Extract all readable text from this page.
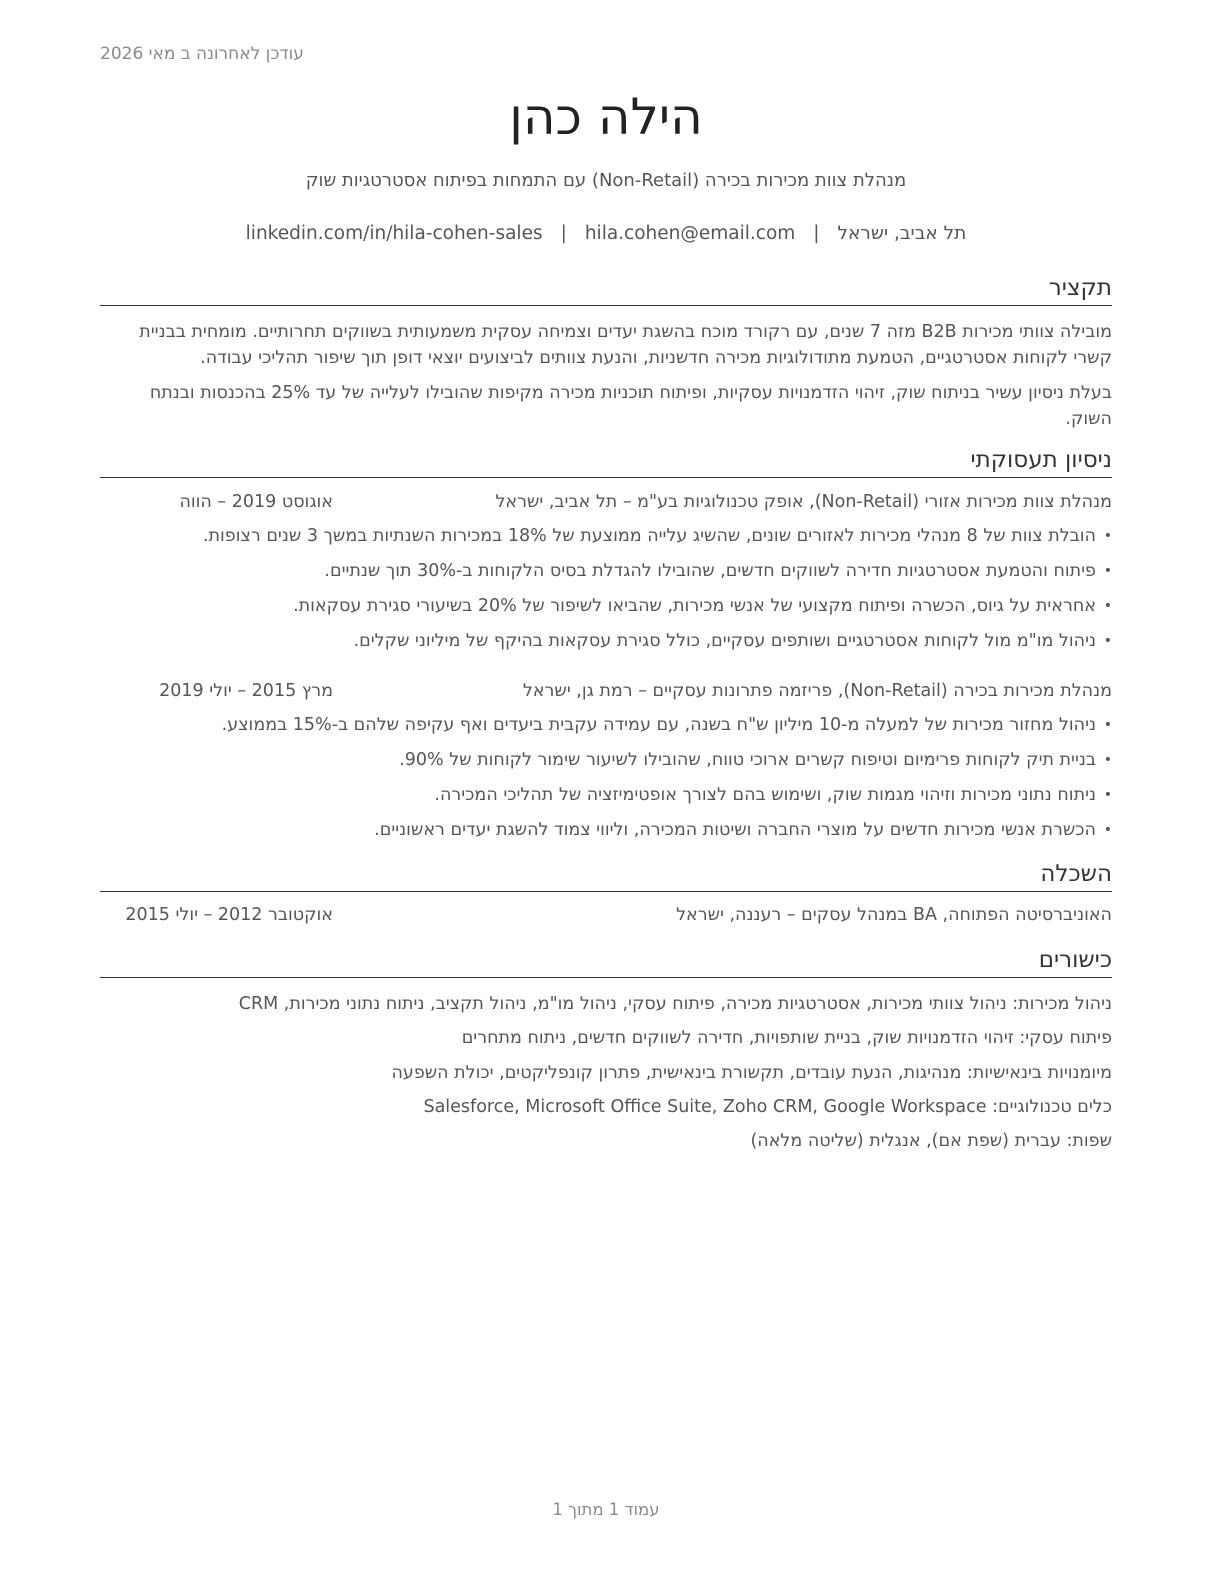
עודכן לאחרונה ב מאי 2026
הילה כהן
מנהלת צוות מכירות בכירה (Non-Retail) עם התמחות בפיתוח אסטרטגיות שוק
תל אביב, ישראל|hila.cohen@email.com|linkedin.com/in/hila-cohen-sales
תקציר
מובילה צוותי מכירות B2B מזה 7 שנים, עם רקורד מוכח בהשגת יעדים וצמיחה עסקית משמעותית בשווקים תחרותיים. מומחית בבניית קשרי לקוחות אסטרטגיים, הטמעת מתודולוגיות מכירה חדשניות, והנעת צוותים לביצועים יוצאי דופן תוך שיפור תהליכי עבודה.
בעלת ניסיון עשיר בניתוח שוק, זיהוי הזדמנויות עסקיות, ופיתוח תוכניות מכירה מקיפות שהובילו לעלייה של עד 25% בהכנסות ובנתח השוק.
ניסיון תעסוקתי
מנהלת צוות מכירות אזורי (Non-Retail), אופק טכנולוגיות בע"מ – תל אביב, ישראל
אוגוסט 2019 – הווה
• הובלת צוות של 8 מנהלי מכירות לאזורים שונים, שהשיג עלייה ממוצעת של 18% במכירות השנתיות במשך 3 שנים רצופות.
• פיתוח והטמעת אסטרטגיות חדירה לשווקים חדשים, שהובילו להגדלת בסיס הלקוחות ב-30% תוך שנתיים.
• אחראית על גיוס, הכשרה ופיתוח מקצועי של אנשי מכירות, שהביאו לשיפור של 20% בשיעורי סגירת עסקאות.
• ניהול מו"מ מול לקוחות אסטרטגיים ושותפים עסקיים, כולל סגירת עסקאות בהיקף של מיליוני שקלים.
מנהלת מכירות בכירה (Non-Retail), פריזמה פתרונות עסקיים – רמת גן, ישראל
מרץ 2015 – יולי 2019
• ניהול מחזור מכירות של למעלה מ-10 מיליון ש"ח בשנה, עם עמידה עקבית ביעדים ואף עקיפה שלהם ב-15% בממוצע.
• בניית תיק לקוחות פרימיום וטיפוח קשרים ארוכי טווח, שהובילו לשיעור שימור לקוחות של 90%.
• ניתוח נתוני מכירות וזיהוי מגמות שוק, ושימוש בהם לצורך אופטימיזציה של תהליכי המכירה.
• הכשרת אנשי מכירות חדשים על מוצרי החברה ושיטות המכירה, וליווי צמוד להשגת יעדים ראשוניים.
השכלה
האוניברסיטה הפתוחה, BA במנהל עסקים – רעננה, ישראל
אוקטובר 2012 – יולי 2015
כישורים
ניהול מכירות: ניהול צוותי מכירות, אסטרטגיות מכירה, פיתוח עסקי, ניהול מו"מ, ניהול תקציב, ניתוח נתוני מכירות, CRM
פיתוח עסקי: זיהוי הזדמנויות שוק, בניית שותפויות, חדירה לשווקים חדשים, ניתוח מתחרים
מיומנויות בינאישיות: מנהיגות, הנעת עובדים, תקשורת בינאישית, פתרון קונפליקטים, יכולת השפעה
כלים טכנולוגיים: Salesforce, Microsoft Office Suite, Zoho CRM, Google Workspace
שפות: עברית (שפת אם), אנגלית (שליטה מלאה)
עמוד 1 מתוך 1
